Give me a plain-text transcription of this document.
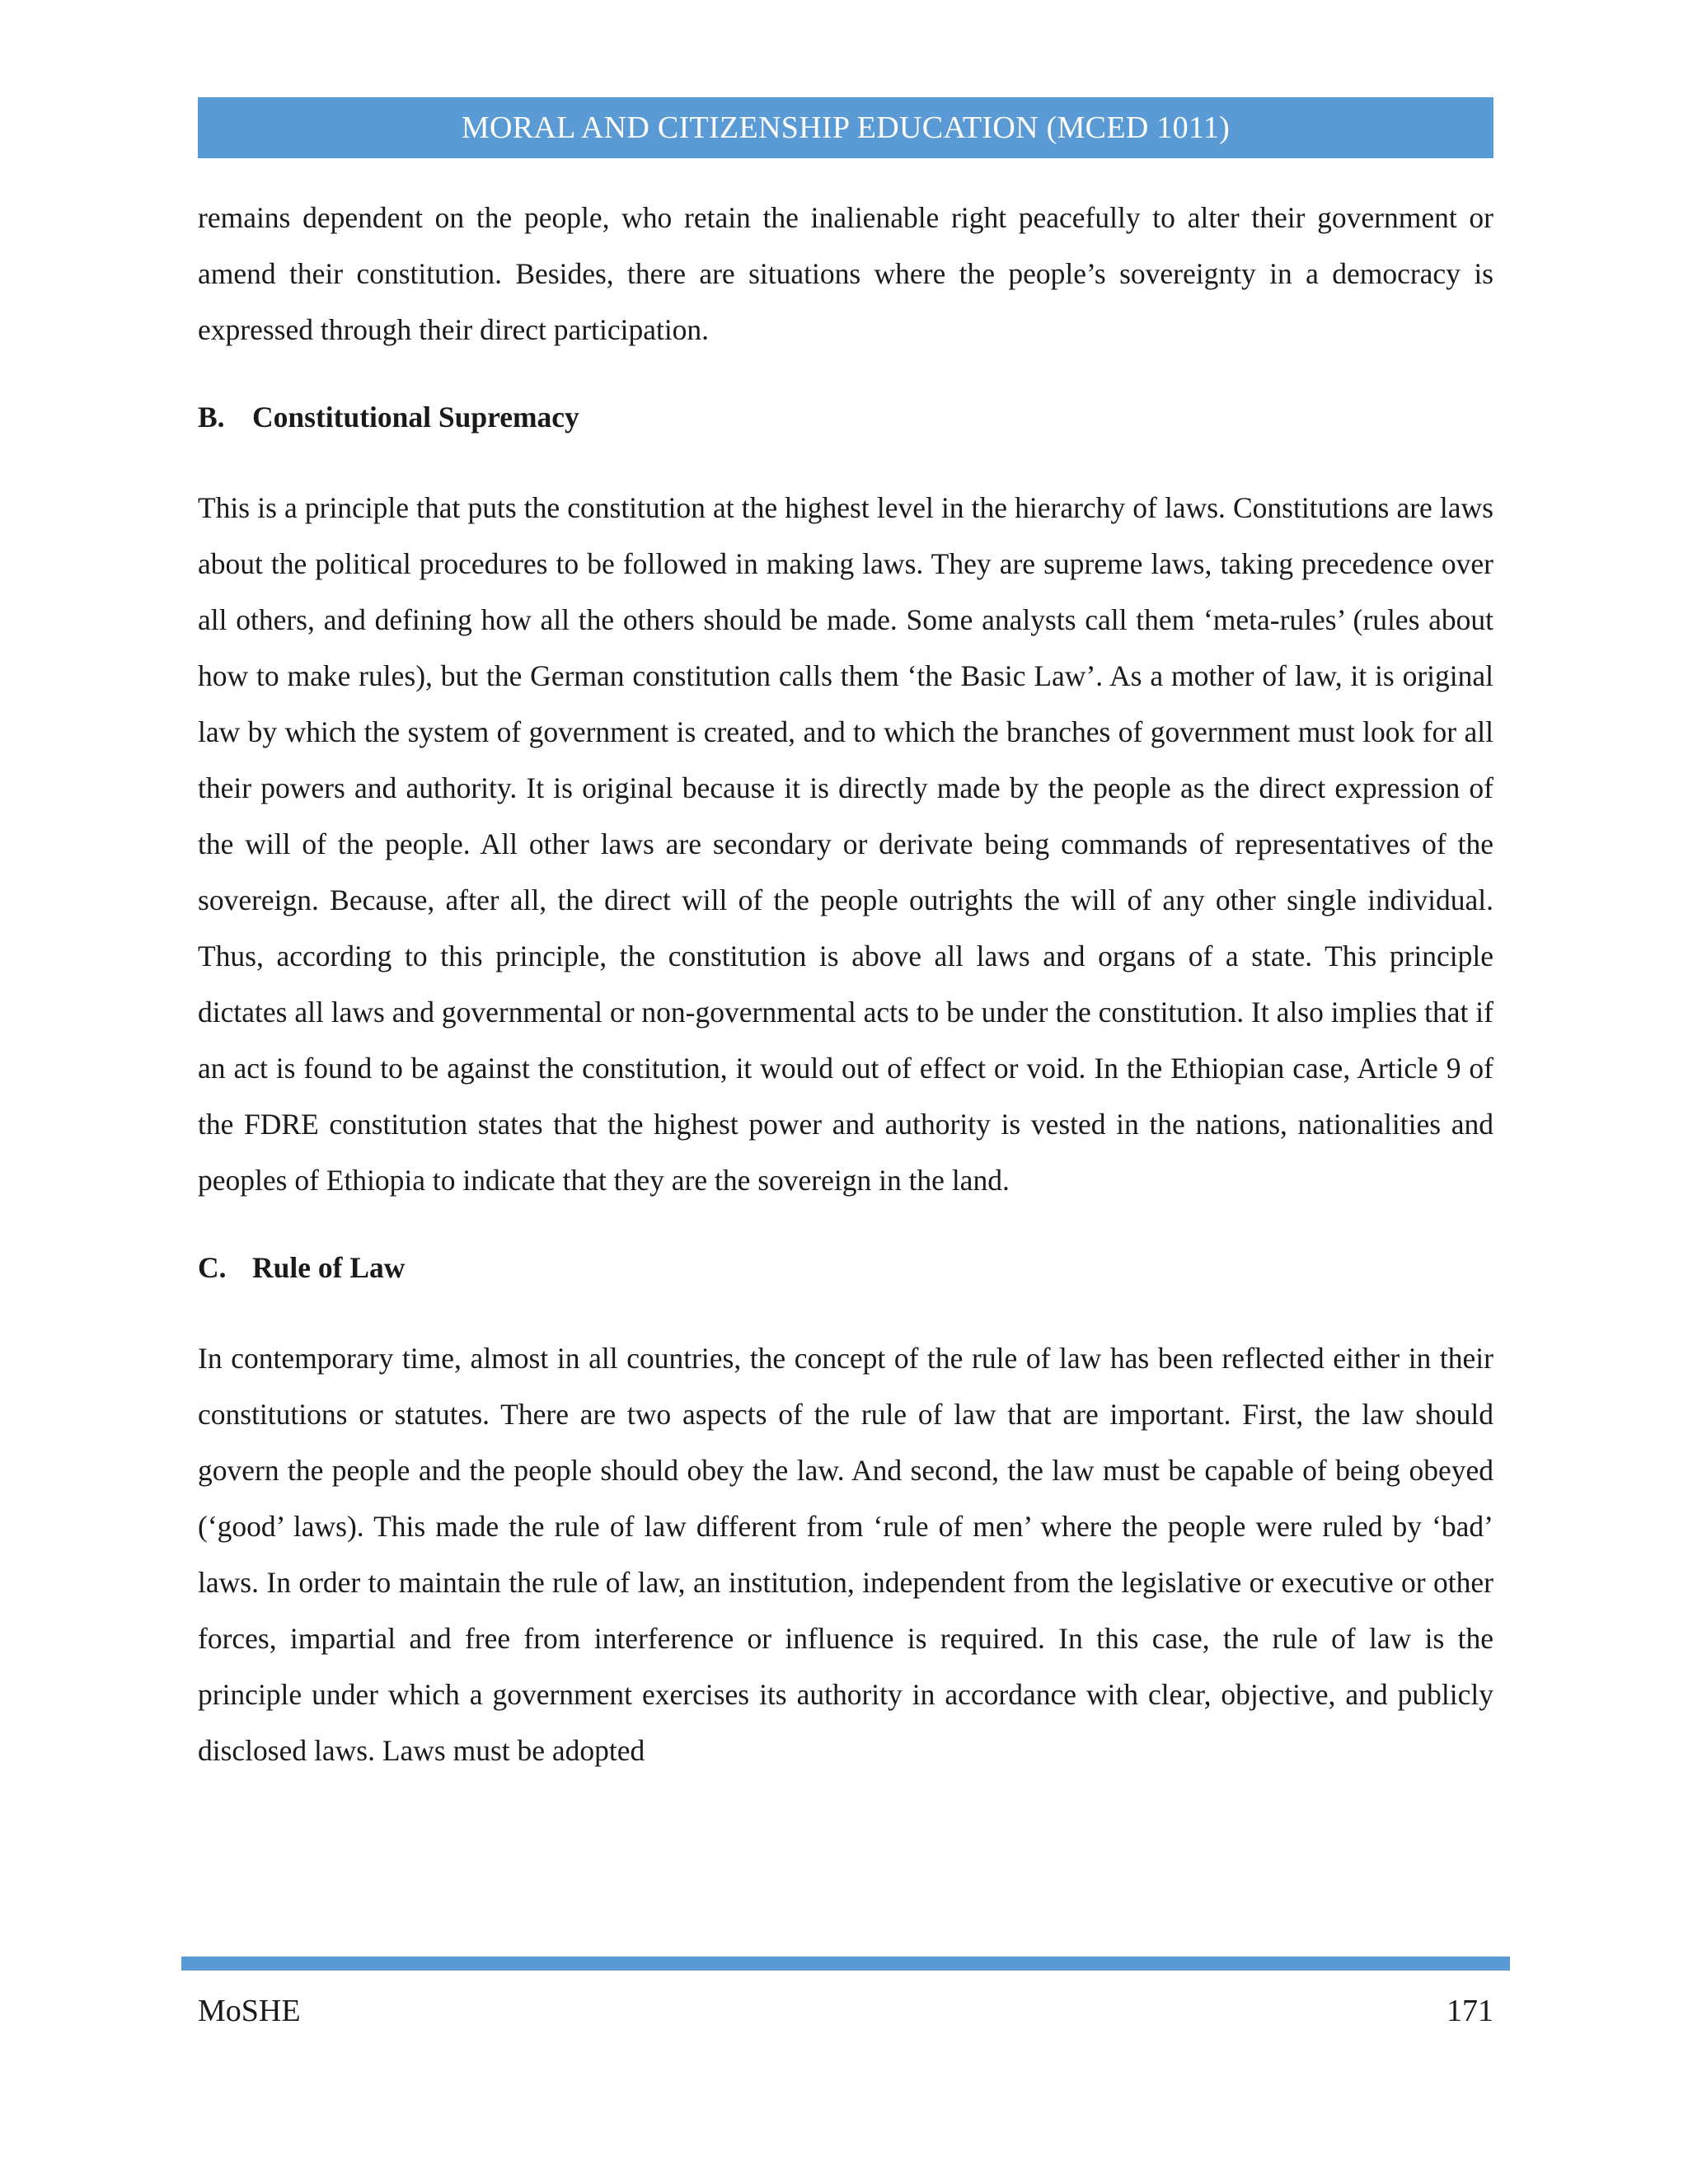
MORAL AND CITIZENSHIP EDUCATION (MCED 1011)

remains dependent on the people, who retain the inalienable right peacefully to alter their government or amend their constitution. Besides, there are situations where the people’s sovereignty in a democracy is expressed through their direct participation.

B. Constitutional Supremacy

This is a principle that puts the constitution at the highest level in the hierarchy of laws. Constitutions are laws about the political procedures to be followed in making laws. They are supreme laws, taking precedence over all others, and defining how all the others should be made. Some analysts call them ‘meta-rules’ (rules about how to make rules), but the German constitution calls them ‘the Basic Law’. As a mother of law, it is original law by which the system of government is created, and to which the branches of government must look for all their powers and authority. It is original because it is directly made by the people as the direct expression of the will of the people. All other laws are secondary or derivate being commands of representatives of the sovereign. Because, after all, the direct will of the people outrights the will of any other single individual. Thus, according to this principle, the constitution is above all laws and organs of a state. This principle dictates all laws and governmental or non-governmental acts to be under the constitution. It also implies that if an act is found to be against the constitution, it would out of effect or void. In the Ethiopian case, Article 9 of the FDRE constitution states that the highest power and authority is vested in the nations, nationalities and peoples of Ethiopia to indicate that they are the sovereign in the land.

C. Rule of Law

In contemporary time, almost in all countries, the concept of the rule of law has been reflected either in their constitutions or statutes. There are two aspects of the rule of law that are important. First, the law should govern the people and the people should obey the law. And second, the law must be capable of being obeyed (‘good’ laws). This made the rule of law different from ‘rule of men’ where the people were ruled by ‘bad’ laws. In order to maintain the rule of law, an institution, independent from the legislative or executive or other forces, impartial and free from interference or influence is required. In this case, the rule of law is the principle under which a government exercises its authority in accordance with clear, objective, and publicly disclosed laws. Laws must be adopted

MoSHE	171
